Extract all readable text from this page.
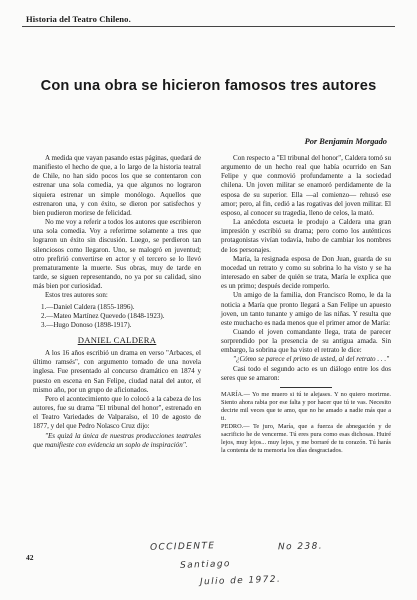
Historia del Teatro Chileno.
Con una obra se hicieron famosos tres autores
Por Benjamín Morgado

A medida que vayan pasando estas páginas, quedará de manifiesto el hecho de que, a lo largo de la historia teatral de Chile, no han sido pocos los que se contentaron con estrenar una sola comedia, ya que algunos no lograron siquiera estrenar un simple monólogo. Aquellos que estrenaron una, y con éxito, se dieron por satisfechos y bien pudieron morirse de felicidad.

No me voy a referir a todos los autores que escribieron una sola comedia. Voy a referirme solamente a tres que lograron un éxito sin discusión. Luego, se perdieron tan silenciosos como llegaron. Uno, se malogró en juventud; otro prefirió convertirse en actor y el tercero se lo llevó prematuramente la muerte. Sus obras, muy de tarde en tarde, se siguen representando, no ya por su calidad, sino más bien por curiosidad.

Estos tres autores son:

1.—Daniel Caldera (1855-1896).

2.—Mateo Martínez Quevedo (1848-1923).

3.—Hugo Donoso (1898-1917).

DANIEL CALDERA

A los 16 años escribió un drama en verso "Arbaces, el último ramsés", con argumento tomado de una novela inglesa. Fue presentado al concurso dramático en 1874 y puesto en escena en San Felipe, ciudad natal del autor, el mismo año, por un grupo de aficionados.

Pero el acontecimiento que lo colocó a la cabeza de los autores, fue su drama "El tribunal del honor", estrenado en el Teatro Variedades de Valparaíso, el 10 de agosto de 1877, y del que Pedro Nolasco Cruz dijo:

"Es quizá la única de nuestras producciones teatrales que manifieste con evidencia un soplo de inspiración".

Con respecto a "El tribunal del honor", Caldera tomó su argumento de un hecho real que había ocurrido en San Felipe y que conmovió profundamente a la sociedad chilena. Un joven militar se enamoró perdidamente de la esposa de su superior. Ella —al comienzo— rehusó ese amor; pero, al fin, cedió a las rogativas del joven militar. El esposo, al conocer su tragedia, lleno de celos, la mató.

La anécdota escueta le produjo a Caldera una gran impresión y escribió su drama; pero como los auténticos protagonistas vivían todavía, hubo de cambiar los nombres de los personajes.

María, la resignada esposa de Don Juan, guarda de su mocedad un retrato y como su sobrina lo ha visto y se ha interesado en saber de quién se trata, María le explica que es un primo; después decide romperlo.

Un amigo de la familia, don Francisco Romo, le da la noticia a María que pronto llegará a San Felipe un apuesto joven, un tanto tunante y amigo de las niñas. Y resulta que este muchacho es nada menos que el primer amor de María:

Cuando el joven comandante llega, trata de parecer sorprendido por la presencia de su antigua amada. Sin embargo, la sobrina que ha visto el retrato le dice:

"¿Cómo se parece el primo de usted, al del retrato . . ."

Casi todo el segundo acto es un diálogo entre los dos seres que se amaron:

MARÍA.— Yo me muero si tú te alejases. Y no quiero morirme. Siento ahora rabia por ese falta y por hacer que tú te vas. Necesito decirte mil veces que te amo, que no he amado a nadie más que a ti.

PEDRO.— Te juro, María, que a fuerza de abnegación y de sacrificio he de vencerme. Tú eres pura como esas dichosas. Huiré lejos, muy lejos... muy lejos, y me borraré de tu corazón. Tú harás la contenta de tu memoria los días desgraciados.

42
OCCIDENTE	No 238.
Santiago
Julio de 1972.
